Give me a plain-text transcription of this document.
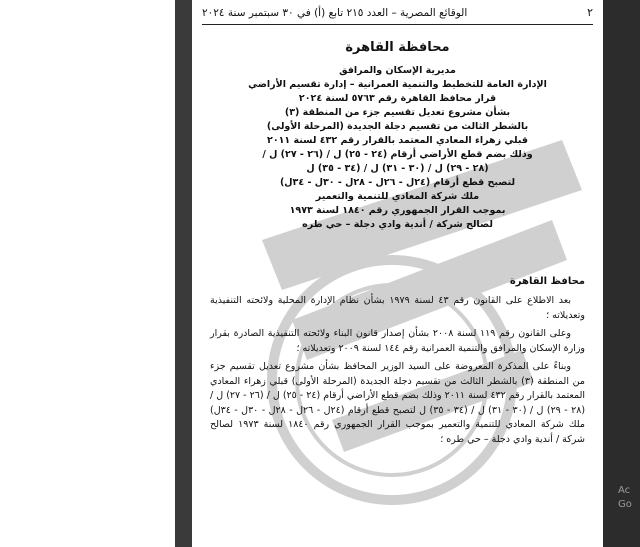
٢
الوقائع المصرية – العدد ٢١٥ تابع (أ) في ٣٠ سبتمبر سنة ٢٠٢٤
محافظة القاهرة
مديرية الإسكان والمرافق
الإدارة العامة للتخطيط والتنمية العمرانية – إدارة تقسيم الأراضي
قرار محافظ القاهرة رقم ٥٧٦٣ لسنة ٢٠٢٤
بشأن مشروع تعديل تقسيم جزء من المنطقة (٣)
بالشطر الثالث من تقسيم دجلة الجديدة (المرحلة الأولى)
قبلي زهراء المعادي المعتمد بالقرار رقم ٤٣٢ لسنة ٢٠١١
وذلك بضم قطع الأراضي أرقام (٢٤ - ٢٥) ل / (٢٦ - ٢٧) ل /
(٢٨ - ٢٩) ل / (٣٠ - ٣١) ل / (٣٤ - ٣٥) ل
لتصبح قطع أرقام (٢٤ل - ٢٦ل - ٢٨ل - ٣٠ل - ٣٤ل)
ملك شركة المعادي للتنمية والتعمير
بموجب القرار الجمهوري رقم ١٨٤٠ لسنة ١٩٧٣
لصالح شركة / أندية وادي دجلة – حي طره
محافظ القاهرة

بعد الاطلاع على القانون رقم ٤٣ لسنة ١٩٧٩ بشأن نظام الإدارة المحلية ولائحته التنفيذية وتعديلاته ؛

وعلى القانون رقم ١١٩ لسنة ٢٠٠٨ بشأن إصدار قانون البناء ولائحته التنفيذية الصادرة بقرار وزارة الإسكان والمرافق والتنمية العمرانية رقم ١٤٤ لسنة ٢٠٠٩ وتعديلاته ؛

وبناءً على المذكرة المعروضة على السيد الوزير المحافظ بشأن مشروع تعديل تقسيم جزء من المنطقة (٣) بالشطر الثالث من تقسيم دجلة الجديدة (المرحلة الأولى) قبلي زهراء المعادي المعتمد بالقرار رقم ٤٣٢ لسنة ٢٠١١ وذلك بضم قطع الأراضي أرقام (٢٤ - ٢٥) ل / (٢٦ - ٢٧) ل / (٢٨ - ٢٩) ل / (٣٠ - ٣١) ل / (٣٤ - ٣٥) ل لتصبح قطع أرقام (٢٤ل - ٢٦ل - ٢٨ل - ٣٠ل - ٣٤ل) ملك شركة المعادي للتنمية والتعمير بموجب القرار الجمهوري رقم ١٨٤٠ لسنة ١٩٧٣ لصالح شركة / أندية وادي دجلة – حي طره ؛

Ac
Go
